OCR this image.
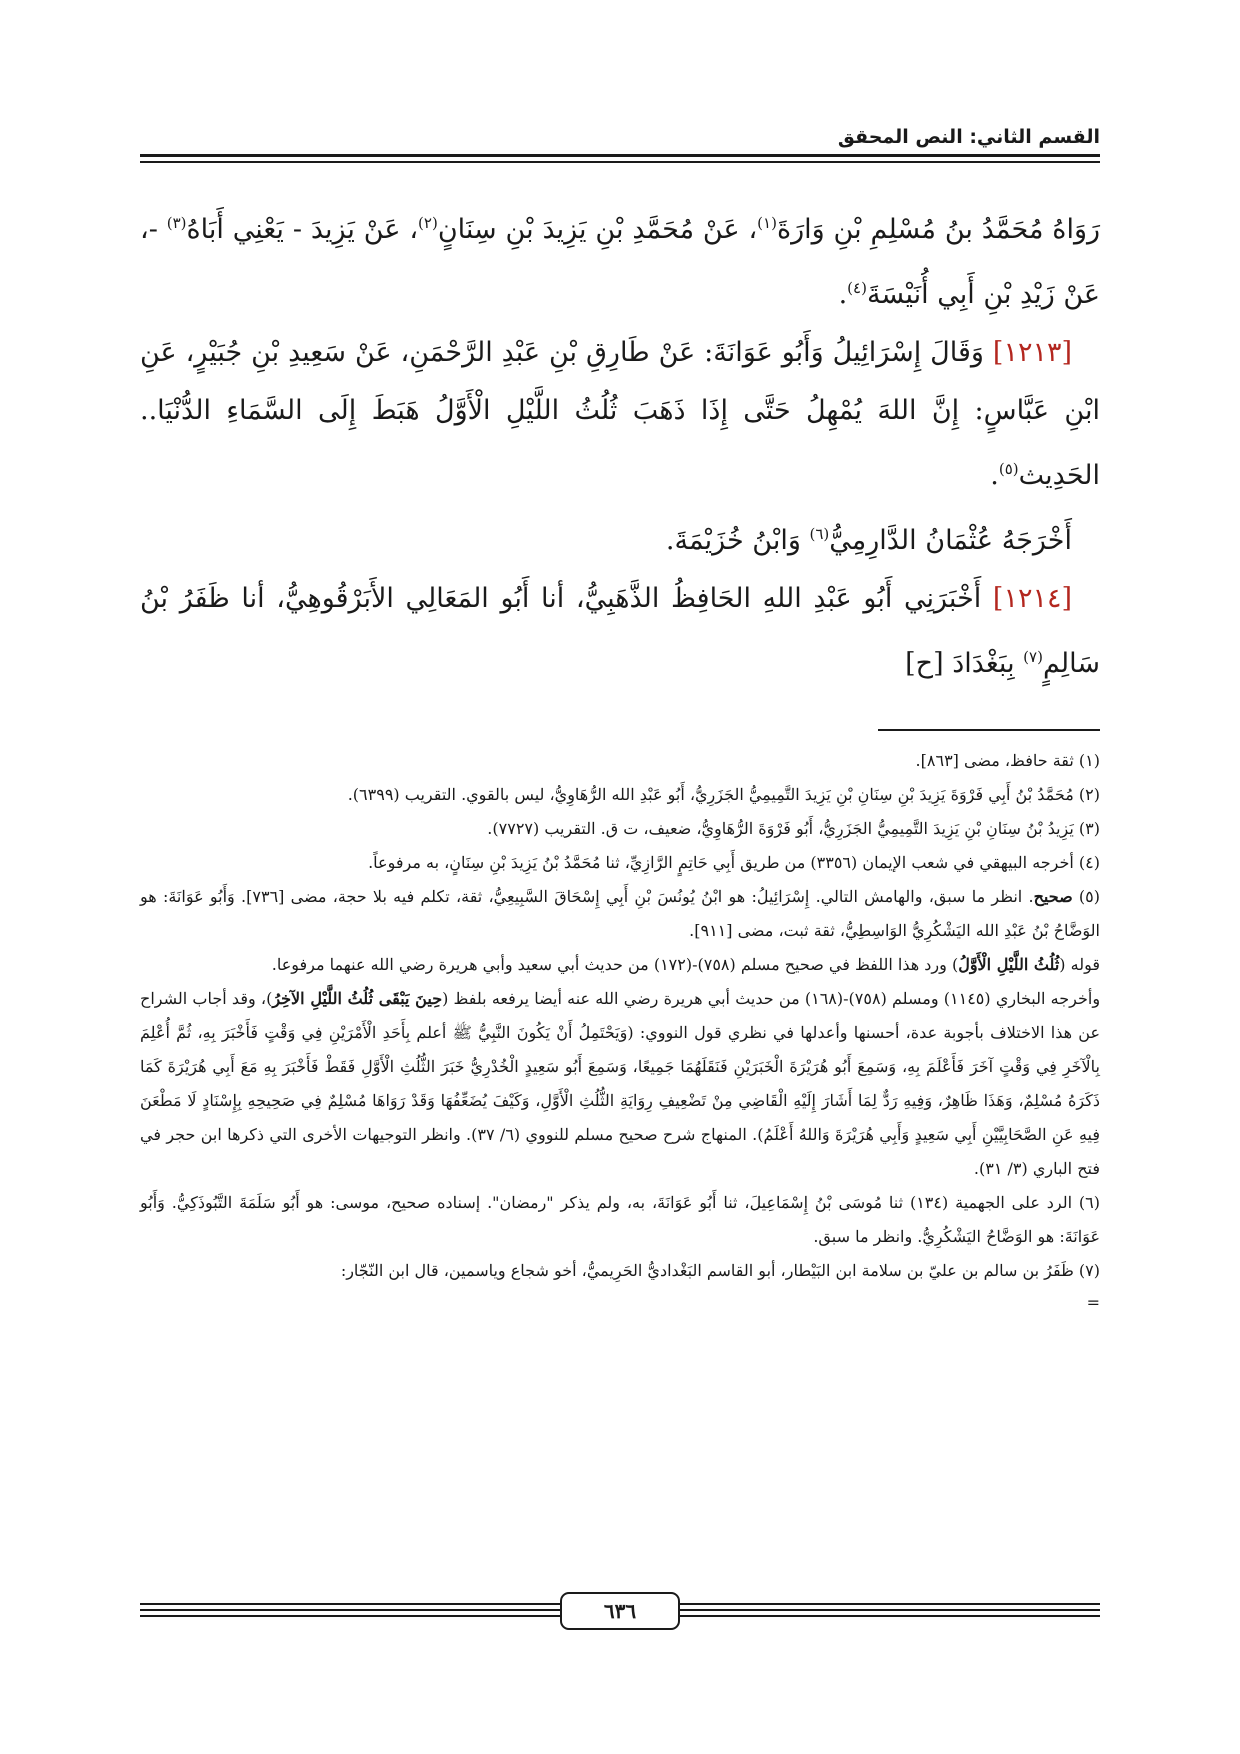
القسم الثاني: النص المحقق

رَوَاهُ مُحَمَّدُ بنُ مُسْلِمِ بْنِ وَارَةَ$^{(١)}$، عَنْ مُحَمَّدِ بْنِ يَزِيدَ بْنِ سِنَانٍ$^{(٢)}$، عَنْ يَزِيدَ - يَعْنِي أَبَاهُ$^{(٣)}$ -، عَنْ زَيْدِ بْنِ أَبِي أُنَيْسَةَ$^{(٤)}$.

[١٢١٣] وَقَالَ إِسْرَائِيلُ وَأَبُو عَوَانَةَ: عَنْ طَارِقِ بْنِ عَبْدِ الرَّحْمَنِ، عَنْ سَعِيدِ بْنِ جُبَيْرٍ، عَنِ ابْنِ عَبَّاسٍ: إِنَّ اللهَ يُمْهِلُ حَتَّى إِذَا ذَهَبَ ثُلُثُ اللَّيْلِ الْأَوَّلُ هَبَطَ إِلَى السَّمَاءِ الدُّنْيَا.. الحَدِيث$^{(٥)}$.

أَخْرَجَهُ عُثْمَانُ الدَّارِمِيُّ$^{(٦)}$ وَابْنُ خُزَيْمَةَ.

[١٢١٤] أَخْبَرَنِي أَبُو عَبْدِ اللهِ الحَافِظُ الذَّهَبِيُّ، أنا أَبُو المَعَالِي الأَبَرْقُوهِيُّ، أنا ظَفَرُ بْنُ سَالِمٍ$^{(٧)}$ بِبَغْدَادَ [ح]

(١) ثقة حافظ، مضى [٨٦٣].

(٢) مُحَمَّدُ بْنُ أَبِي فَرْوَةَ يَزِيدَ بْنِ سِنَانِ بْنِ يَزِيدَ التَّمِيمِيُّ الجَزَرِيُّ، أَبُو عَبْدِ الله الرُّهَاوِيُّ، ليس بالقوي. التقريب (٦٣٩٩).

(٣) يَزِيدُ بْنُ سِنَانِ بْنِ يَزِيدَ التَّمِيمِيُّ الجَزَرِيُّ، أَبُو فَرْوَةَ الرُّهَاوِيُّ، ضعيف، ت ق. التقريب (٧٧٢٧).

(٤) أخرجه البيهقي في شعب الإيمان (٣٣٥٦) من طريق أَبِي حَاتِمٍ الرَّازِيِّ، ثنا مُحَمَّدُ بْنُ يَزِيدَ بْنِ سِنَانٍ، به مرفوعاً.

(٥) صحيح. انظر ما سبق، والهامش التالي. إِسْرَائِيلُ: هو ابْنُ يُونُسَ بْنِ أَبِي إِسْحَاقَ السَّبِيعِيُّ، ثقة، تكلم فيه بلا حجة، مضى [٧٣٦]. وَأَبُو عَوَانَةَ: هو الوَضَّاحُ بْنُ عَبْدِ الله اليَشْكُرِيُّ الوَاسِطِيُّ، ثقة ثبت، مضى [٩١١].

قوله (ثُلُثُ اللَّيْلِ الْأَوَّلُ) ورد هذا اللفظ في صحيح مسلم (٧٥٨)-(١٧٢) من حديث أبي سعيد وأبي هريرة رضي الله عنهما مرفوعا.

وأخرجه البخاري (١١٤٥) ومسلم (٧٥٨)-(١٦٨) من حديث أبي هريرة رضي الله عنه أيضا يرفعه بلفظ (حِينَ يَبْقَى ثُلُثُ اللَّيْلِ الآخِرُ)، وقد أجاب الشراح عن هذا الاختلاف بأجوبة عدة، أحسنها وأعدلها في نظري قول النووي: (وَيَحْتَمِلُ أَنْ يَكُونَ النَّبِيُّ ﷺ أعلم بِأَحَدِ الْأَمْرَيْنِ فِي وَقْتٍ فَأَخْبَرَ بِهِ، ثُمَّ أُعْلِمَ بِالْآخَرِ فِي وَقْتٍ آخَرَ فَأَعْلَمَ بِهِ، وَسَمِعَ أَبُو هُرَيْرَةَ الْخَبَرَيْنِ فَنَقَلَهُمَا جَمِيعًا، وَسَمِعَ أَبُو سَعِيدٍ الْخُدْرِيُّ خَبَرَ الثُّلُثِ الْأَوَّلِ فَقَطْ فَأَخْبَرَ بِهِ مَعَ أَبِي هُرَيْرَةَ كَمَا ذَكَرَهُ مُسْلِمٌ، وَهَذَا ظَاهِرٌ، وَفِيهِ رَدٌّ لِمَا أَشَارَ إِلَيْهِ الْقَاضِي مِنْ تَضْعِيفِ رِوَايَةِ الثُّلُثِ الْأَوَّلِ، وَكَيْفَ يُضَعِّفُهَا وَقَدْ رَوَاهَا مُسْلِمٌ فِي صَحِيحِهِ بِإِسْنَادٍ لَا مَطْعَنَ فِيهِ عَنِ الصَّحَابِيَّيْنِ أَبِي سَعِيدٍ وَأَبِي هُرَيْرَةَ وَاللهُ أَعْلَمُ). المنهاج شرح صحيح مسلم للنووي (٦/ ٣٧). وانظر التوجيهات الأخرى التي ذكرها ابن حجر في فتح الباري (٣/ ٣١).

(٦) الرد على الجهمية (١٣٤) ثنا مُوسَى بْنُ إِسْمَاعِيلَ، ثنا أَبُو عَوَانَةَ، به، ولم يذكر "رمضان". إسناده صحيح، موسى: هو أَبُو سَلَمَةَ التَّبُوذَكِيُّ. وَأَبُو عَوَانَةَ: هو الوَضَّاحُ اليَشْكُرِيُّ. وانظر ما سبق.

(٧) ظَفَرُ بن سالم بن عليّ بن سلامة ابن البَيْطار، أبو القاسم البَغْداديُّ الحَرِيميُّ، أخو شجاع وياسمين، قال ابن النّجّار:

=

٦٣٦
